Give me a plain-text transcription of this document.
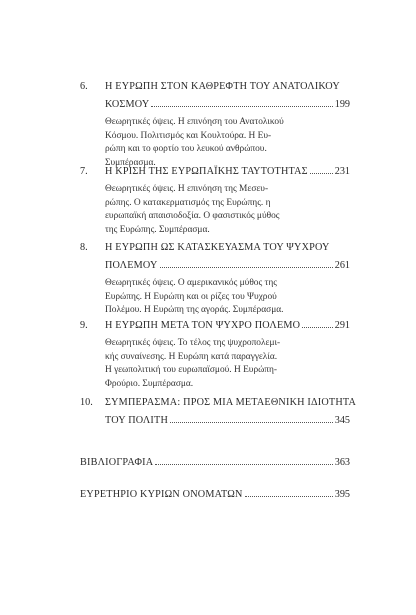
6.	Η ΕΥΡΩΠΗ ΣΤΟΝ ΚΑΘΡΕΦΤΗ ΤΟΥ ΑΝΑΤΟΛΙΚΟΥ
ΚΟΣΜΟΥ	199
Θεωρητικές όψεις. Η επινόηση του Ανατολικού
Κόσμου. Πολιτισμός και Κουλτούρα. Η Ευ-
ρώπη και το φορτίο του λευκού ανθρώπου.
Συμπέρασμα.
7.	Η ΚΡΙΣΗ ΤΗΣ ΕΥΡΩΠΑΪΚΗΣ ΤΑΥΤΟΤΗΤΑΣ	231
Θεωρητικές όψεις. Η επινόηση της Μεσευ-
ρώπης. Ο κατακερματισμός της Ευρώπης. η
ευρωπαϊκή απαισιοδοξία. Ο φασιστικός μύθος
της Ευρώπης. Συμπέρασμα.
8.	Η ΕΥΡΩΠΗ ΩΣ ΚΑΤΑΣΚΕΥΑΣΜΑ ΤΟΥ ΨΥΧΡΟΥ
ΠΟΛΕΜΟΥ	261
Θεωρητικές όψεις. Ο αμερικανικός μύθος της
Ευρώπης. Η Ευρώπη και οι ρίζες του Ψυχρού
Πολέμου. Η Ευρώπη της αγοράς. Συμπέρασμα.
9.	Η ΕΥΡΩΠΗ ΜΕΤΑ ΤΟΝ ΨΥΧΡΟ ΠΟΛΕΜΟ	291
Θεωρητικές όψεις. Το τέλος της ψυχροπολεμι-
κής συναίνεσης. Η Ευρώπη κατά παραγγελία.
Η γεωπολιτική του ευρωπαϊσμού. Η Ευρώπη-
Φρούριο. Συμπέρασμα.
10.	ΣΥΜΠΕΡΑΣΜΑ: ΠΡΟΣ ΜΙΑ ΜΕΤΑΕΘΝΙΚΗ ΙΔΙΟΤΗΤΑ
ΤΟΥ ΠΟΛΙΤΗ	345
ΒΙΒΛΙΟΓΡΑΦΙΑ	363
ΕΥΡΕΤΗΡΙΟ ΚΥΡΙΩΝ ΟΝΟΜΑΤΩΝ	395
